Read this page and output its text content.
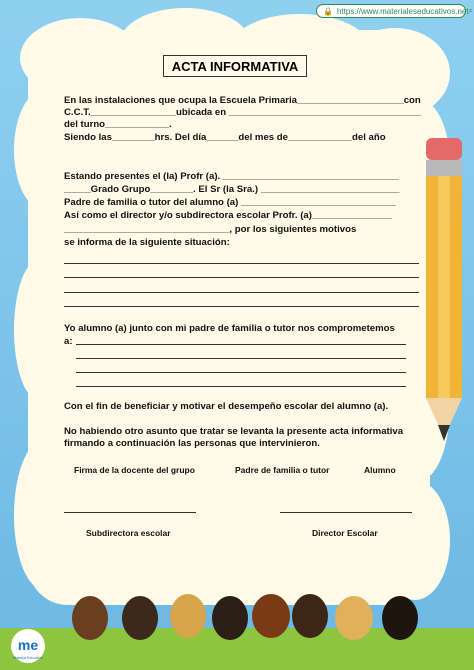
🔒 https://www.materialeseducativos.net ⌕
ACTA INFORMATIVA
En las instalaciones que ocupa la Escuela Primaria____________________con
C.C.T.________________ubicada en ____________________________________
del turno____________.
Siendo las________hrs. Del día______del mes de____________del año
Estando presentes el (la) Profr (a). _________________________________
_____Grado Grupo________. El Sr (la Sra.) __________________________
Padre de familia o tutor del alumno (a) _____________________________
Así como el director y/o subdirectora escolar Profr. (a)_______________
_______________________________, por los siguientes motivos
se informa de la siguiente situación:
Yo alumno (a) junto con mi padre de familia o tutor nos comprometemos
a:
Con el fin de beneficiar y motivar el desempeño escolar del alumno (a).
No habiendo otro asunto que tratar se levanta la presente acta informativa
firmando a continuación las personas que intervinieron.
Firma de la docente del grupo	Padre de familia o tutor	Alumno
Subdirectora escolar	Director Escolar
me
Material Educativo
